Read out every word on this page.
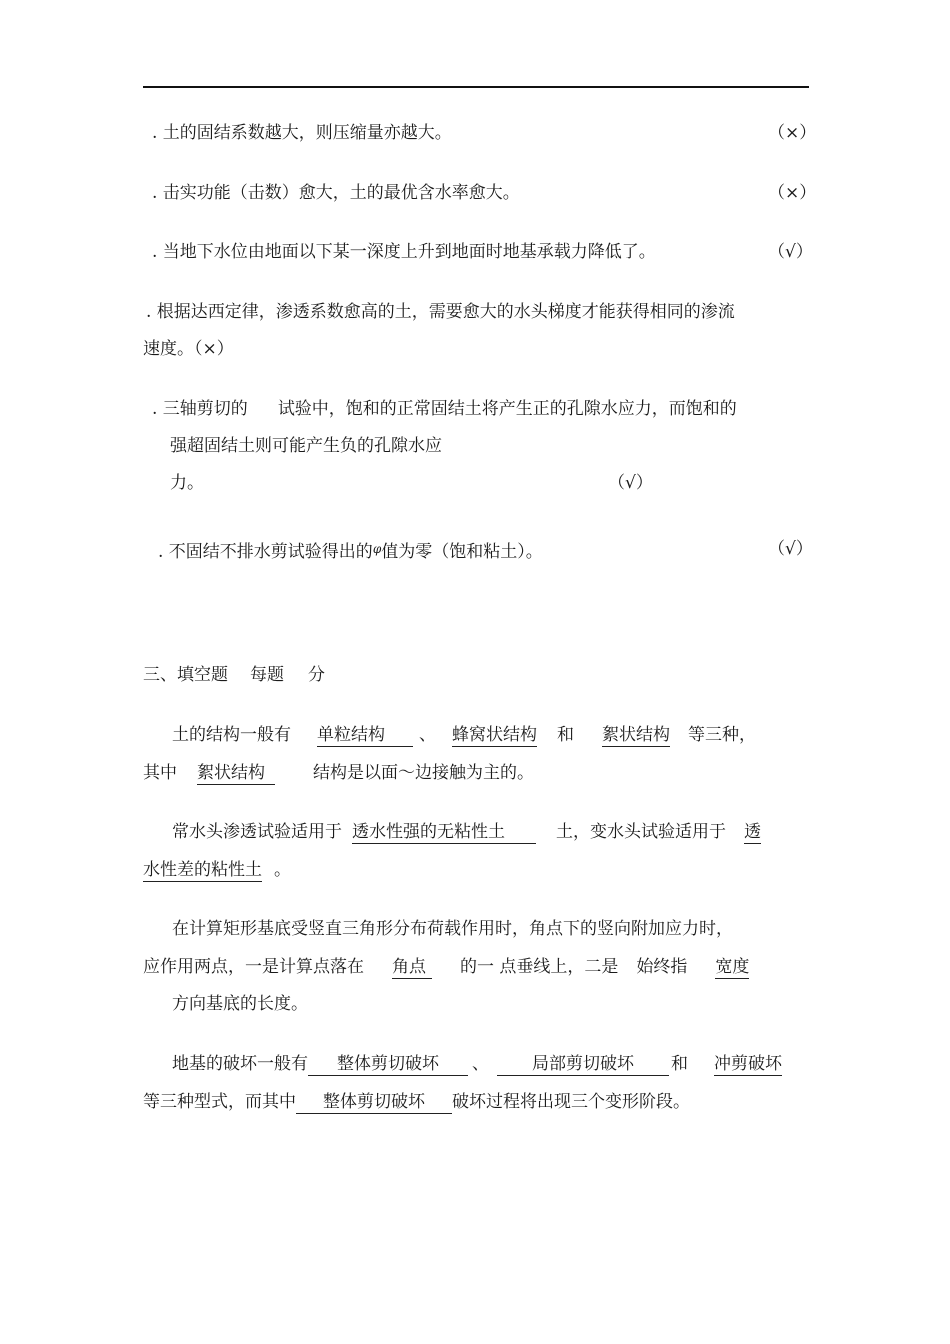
. 土的固结系数越大，则压缩量亦越大。	（×）
. 击实功能（击数）愈大，土的最优含水率愈大。	（×）
. 当地下水位由地面以下某一深度上升到地面时地基承载力降低了。	（√）
. 根据达西定律，渗透系数愈高的土，需要愈大的水头梯度才能获得相同的渗流
速度。（×）
. 三轴剪切的 试验中，饱和的正常固结土将产生正的孔隙水应力，而饱和的
强超固结土则可能产生负的孔隙水应
力。	（√）
. 不固结不排水剪试验得出的$^\varphi$值为零（饱和粘土）。	（√）
三、填空题 每题 分
土的结构一般有 单粒结构 、 蜂窝状结构 和 絮状结构 等三种，
其中 絮状结构	结构是以面～边接触为主的。
常水头渗透试验适用于 透水性强的无粘性土	土，变水头试验适用于 透
水性差的粘性土 。
在计算矩形基底受竖直三角形分布荷载作用时，角点下的竖向附加应力时，
应作用两点，一是计算点落在 角点 的一 点垂线上，二是 始终指 宽度
方向基底的长度。
地基的破坏一般有 整体剪切破坏 、	局部剪切破坏 和 冲剪破坏
等三种型式，而其中 整体剪切破坏 破坏过程将出现三个变形阶段。
